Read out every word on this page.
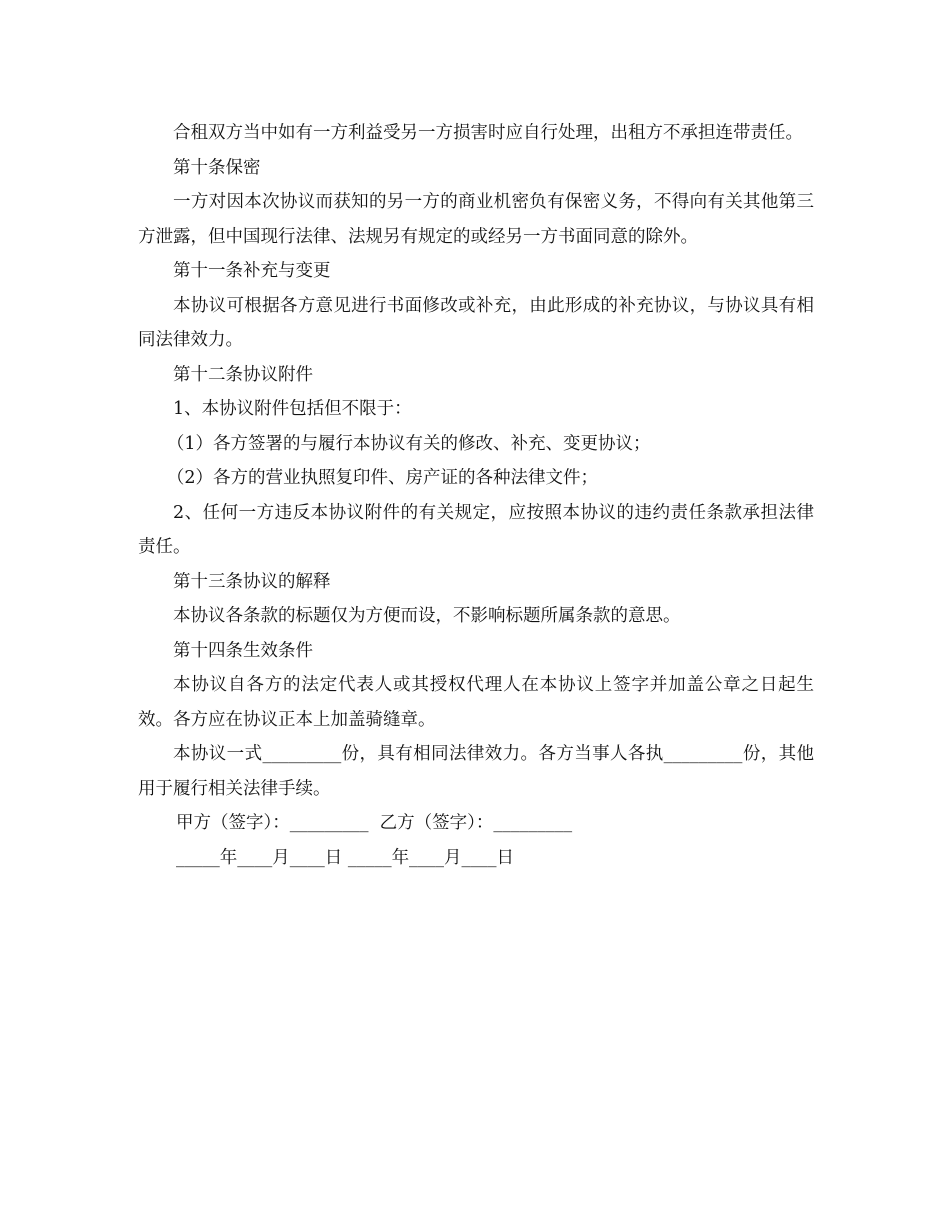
合租双方当中如有一方利益受另一方损害时应自行处理，出租方不承担连带责任。

第十条保密

一方对因本次协议而获知的另一方的商业机密负有保密义务，不得向有关其他第三方泄露，但中国现行法律、法规另有规定的或经另一方书面同意的除外。

第十一条补充与变更

本协议可根据各方意见进行书面修改或补充，由此形成的补充协议，与协议具有相同法律效力。

第十二条协议附件

1、本协议附件包括但不限于：

（1）各方签署的与履行本协议有关的修改、补充、变更协议；

（2）各方的营业执照复印件、房产证的各种法律文件；

2、任何一方违反本协议附件的有关规定，应按照本协议的违约责任条款承担法律责任。

第十三条协议的解释

本协议各条款的标题仅为方便而设，不影响标题所属条款的意思。

第十四条生效条件

本协议自各方的法定代表人或其授权代理人在本协议上签字并加盖公章之日起生效。各方应在协议正本上加盖骑缝章。

本协议一式_________份，具有相同法律效力。各方当事人各执_________份，其他用于履行相关法律手续。

甲方（签字）：_________  乙方（签字）：_________

_____年____月____日 _____年____月____日
